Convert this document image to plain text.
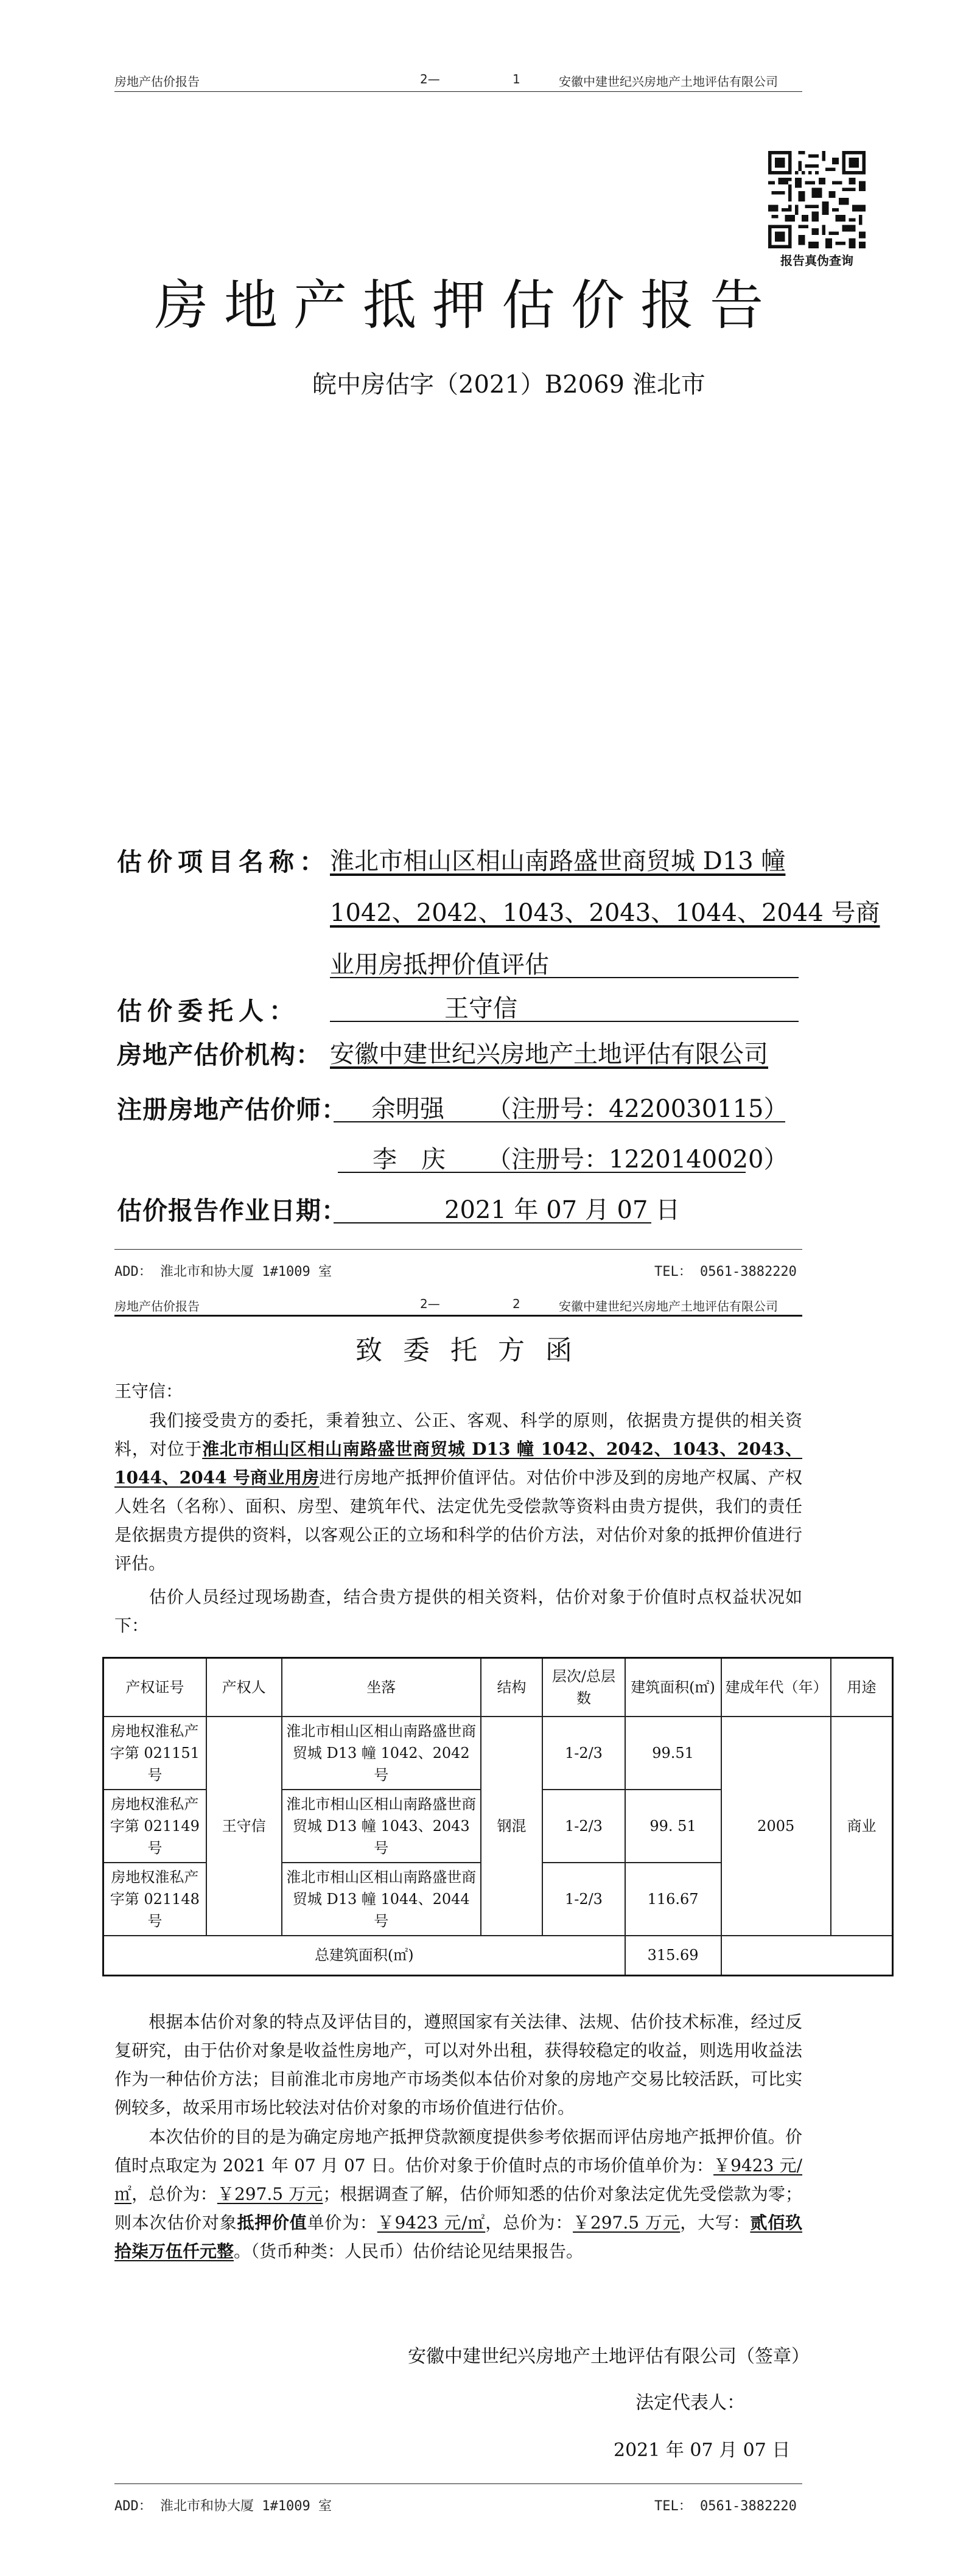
房地产估价报告	2—	1	安徽中建世纪兴房地产土地评估有限公司
报告真伪查询
房地产抵押估价报告
皖中房估字（2021）B2069 淮北市
估价项目名称： 淮北市相山区相山南路盛世商贸城 D13 幢
1042、2042、1043、2043、1044、2044 号商
业用房抵押价值评估
估价委托人：	王守信
房地产估价机构： 安徽中建世纪兴房地产土地评估有限公司
注册房地产估价师： 余明强 （注册号：4220030115）
李　庆 （注册号：1220140020）
估价报告作业日期：	2021 年 07 月 07 日
ADD： 淮北市和协大厦 1#1009 室	TEL： 0561-3882220
房地产估价报告	2—	2	安徽中建世纪兴房地产土地评估有限公司
致委托方函
王守信：
我们接受贵方的委托，秉着独立、公正、客观、科学的原则，依据贵方提供的相关资料，对位于淮北市相山区相山南路盛世商贸城 D13 幢 1042、2042、1043、2043、1044、2044 号商业用房进行房地产抵押价值评估。对估价中涉及到的房地产权属、产权人姓名（名称）、面积、房型、建筑年代、法定优先受偿款等资料由贵方提供，我们的责任是依据贵方提供的资料，以客观公正的立场和科学的估价方法，对估价对象的抵押价值进行评估。
估价人员经过现场勘查，结合贵方提供的相关资料，估价对象于价值时点权益状况如下：
产权证号	产权人	坐落	结构	层次/总层数	建筑面积(㎡)	建成年代（年）	用途
房地权淮私产字第 021151 号	王守信	淮北市相山区相山南路盛世商贸城 D13 幢 1042、2042 号	钢混	1-2/3	99.51	2005	商业
房地权淮私产字第 021149 号		淮北市相山区相山南路盛世商贸城 D13 幢 1043、2043 号		1-2/3	99. 51		
房地权淮私产字第 021148 号		淮北市相山区相山南路盛世商贸城 D13 幢 1044、2044 号		1-2/3	116.67		
总建筑面积(㎡)					315.69		
根据本估价对象的特点及评估目的，遵照国家有关法律、法规、估价技术标准，经过反复研究，由于估价对象是收益性房地产，可以对外出租，获得较稳定的收益，则选用收益法作为一种估价方法；目前淮北市房地产市场类似本估价对象的房地产交易比较活跃，可比实例较多，故采用市场比较法对估价对象的市场价值进行估价。
本次估价的目的是为确定房地产抵押贷款额度提供参考依据而评估房地产抵押价值。价值时点取定为 2021 年 07 月 07 日。估价对象于价值时点的市场价值单价为：￥9423 元/㎡，总价为：￥297.5 万元；根据调查了解，估价师知悉的估价对象法定优先受偿款为零；则本次估价对象抵押价值单价为：￥9423 元/㎡，总价为：￥297.5 万元，大写：贰佰玖拾柒万伍仟元整。（货币种类：人民币）估价结论见结果报告。
安徽中建世纪兴房地产土地评估有限公司（签章）
法定代表人：
2021 年 07 月 07 日
ADD： 淮北市和协大厦 1#1009 室	TEL： 0561-3882220
